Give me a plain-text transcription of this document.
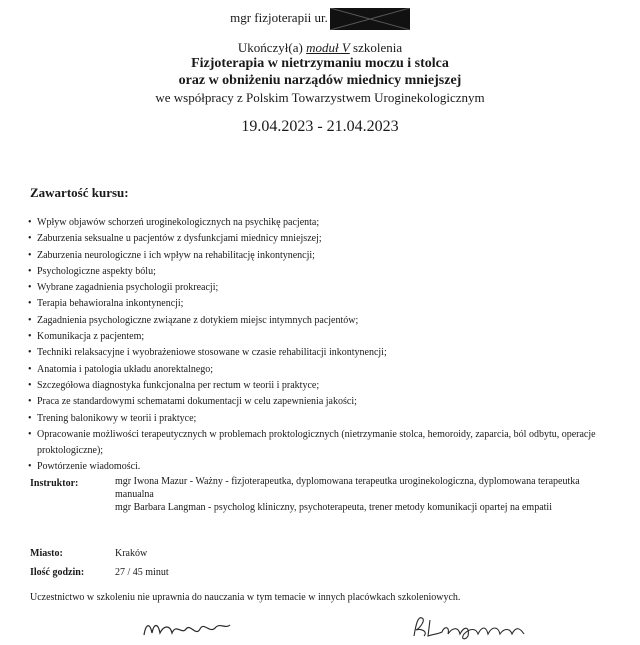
mgr fizjoterapii ur.
Ukończył(a) moduł V szkolenia
Fizjoterapia w nietrzymaniu moczu i stolca
oraz w obniżeniu narządów miednicy mniejszej
we współpracy z Polskim Towarzystwem Uroginekologicznym
19.04.2023 - 21.04.2023
Zawartość kursu:
• Wpływ objawów schorzeń uroginekologicznych na psychikę pacjenta;
• Zaburzenia seksualne u pacjentów z dysfunkcjami miednicy mniejszej;
• Zaburzenia neurologiczne i ich wpływ na rehabilitację inkontynencji;
• Psychologiczne aspekty bólu;
• Wybrane zagadnienia psychologii prokreacji;
• Terapia behawioralna inkontynencji;
• Zagadnienia psychologiczne związane z dotykiem miejsc intymnych pacjentów;
• Komunikacja z pacjentem;
• Techniki relaksacyjne i wyobrażeniowe stosowane w czasie rehabilitacji inkontynencji;
• Anatomia i patologia układu anorektalnego;
• Szczegółowa diagnostyka funkcjonalna per rectum w teorii i praktyce;
• Praca ze standardowymi schematami dokumentacji w celu zapewnienia jakości;
• Trening balonikowy w teorii i praktyce;
• Opracowanie możliwości terapeutycznych w problemach proktologicznych (nietrzymanie stolca, hemoroidy, zaparcia, ból odbytu, operacje proktologiczne);
• Powtórzenie wiadomości.
Instruktor:	mgr Iwona Mazur - Ważny - fizjoterapeutka, dyplomowana terapeutka uroginekologiczna, dyplomowana terapeutka manualna
mgr Barbara Langman - psycholog kliniczny, psychoterapeuta, trener metody komunikacji opartej na empatii
Miasto:	Kraków
Ilość godzin:	27 / 45 minut
Uczestnictwo w szkoleniu nie uprawnia do nauczania w tym temacie w innych placówkach szkoleniowych.
